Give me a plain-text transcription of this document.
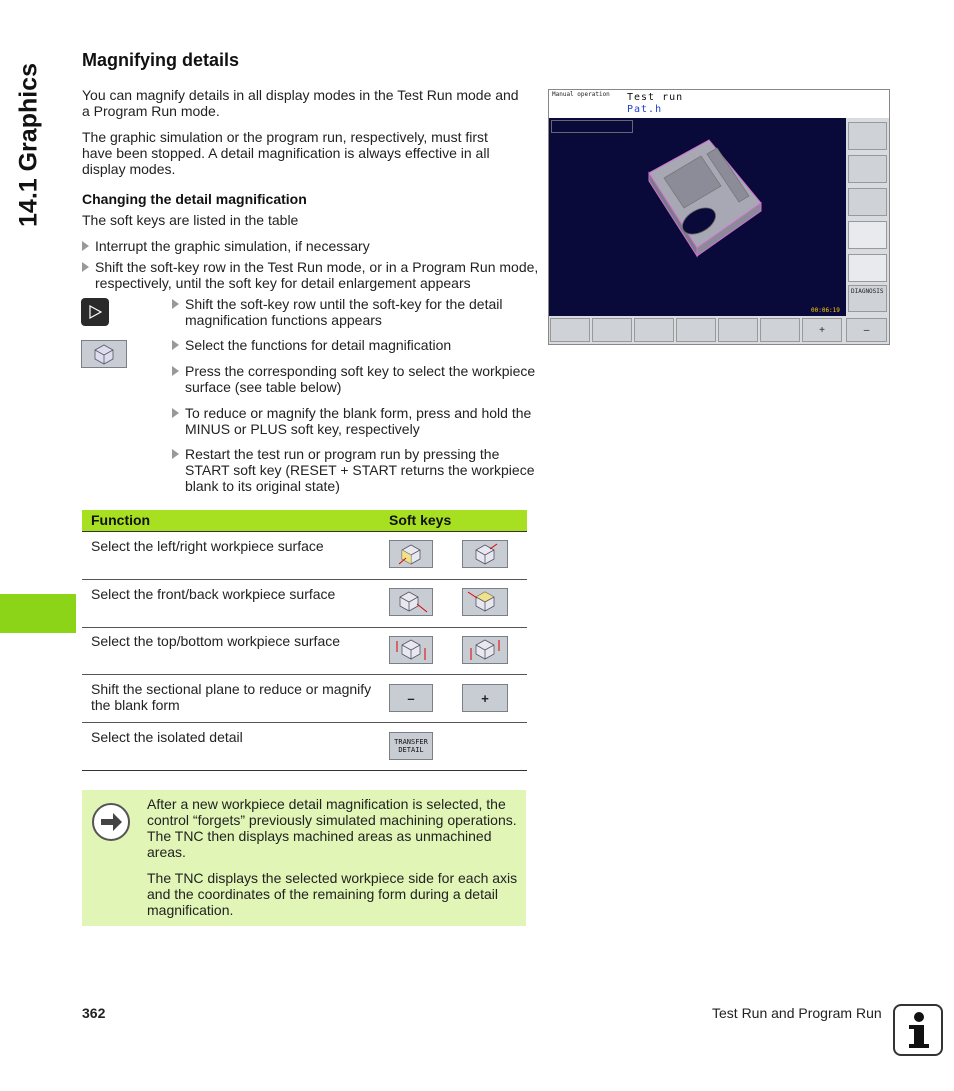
14.1 Graphics
Magnifying details
You can magnify details in all display modes in the Test Run mode and a Program Run mode.
The graphic simulation or the program run, respectively, must first have been stopped. A detail magnification is always effective in all display modes.
Changing the detail magnification
The soft keys are listed in the table
Interrupt the graphic simulation, if necessary
Shift the soft-key row in the Test Run mode, or in a Program Run mode, respectively, until the soft key for detail enlargement appears
Shift the soft-key row until the soft-key for the detail magnification functions appears
Select the functions for detail magnification
Press the corresponding soft key to select the workpiece surface (see table below)
To reduce or magnify the blank form, press and hold the MINUS or PLUS soft key, respectively
Restart the test run or program run by pressing the START soft key (RESET + START returns the workpiece blank to its original state)
Function	Soft keys
Select the left/right workpiece surface
Select the front/back workpiece surface
Select the top/bottom workpiece surface
Shift the sectional plane to reduce or magnify the blank form	–	+
Select the isolated detail	TRANSFER
DETAIL
After a new workpiece detail magnification is selected, the control “forgets” previously simulated machining operations. The TNC then displays machined areas as unmachined areas.
The TNC displays the selected workpiece side for each axis and the coordinates of the remaining form during a detail magnification.
Manual operation Test run
Pat.h
00:06:19
DIAGNOSIS
+	–
362	Test Run and Program Run
